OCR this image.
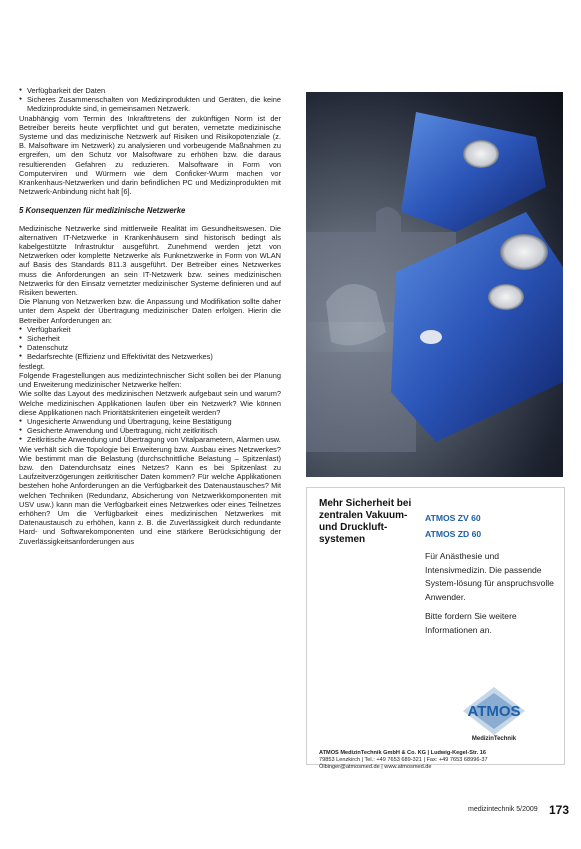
● Verfügbarkeit der Daten
● Sicheres Zusammenschalten von Medizinprodukten und Geräten, die keine Medizinprodukte sind, in gemeinsamen Netzwerk.

Unabhängig vom Termin des Inkrafttretens der zukünftigen Norm ist der Betreiber bereits heute verpflichtet und gut beraten, vernetzte medizinische Systeme und das medizinische Netzwerk auf Risiken und Risikopotenziale (z. B. Malsoftware im Netzwerk) zu analysieren und vorbeugende Maßnahmen zu ergreifen, um den Schutz vor Malsoftware zu erhöhen bzw. die daraus resultierenden Gefahren zu reduzieren. Malsoftware in Form von Computerviren und Würmern wie dem Conficker-Wurm machen vor Krankenhaus-Netzwerken und darin befindlichen PC und Medizinprodukten mit Netzwerk-Anbindung nicht halt [6].

5 Konsequenzen für medizinische Netzwerke

Medizinische Netzwerke sind mittlerweile Realität im Gesundheitswesen. Die alternativen IT-Netzwerke in Krankenhäusern sind historisch bedingt als kabelgestützte Infrastruktur ausgeführt. Zunehmend werden jetzt von Netzwerken oder komplette Netzwerke als Funknetzwerke in Form von WLAN auf Basis des Standards 811.3 ausgeführt. Der Betreiber eines Netzwerkes muss die Anforderungen an sein IT-Netzwerk bzw. seines medizinischen Netzwerks für den Einsatz vernetzter medizinischer Systeme definieren und auf Risiken bewerten.

Die Planung von Netzwerken bzw. die Anpassung und Modifikation sollte daher unter dem Aspekt der Übertragung medizinischer Daten erfolgen. Hierin die Betreiber Anforderungen an:

● Verfügbarkeit
● Sicherheit
● Datenschutz
● Bedarfsrechte (Effizienz und Effektivität des Netzwerkes)

festlegt.

Folgende Fragestellungen aus medizintechnischer Sicht sollen bei der Planung und Erweiterung medizinischer Netzwerke helfen:

Wie sollte das Layout des medizinischen Netzwerk aufgebaut sein und warum? Welche medizinischen Applikationen laufen über ein Netzwerk? Wie können diese Applikationen nach Prioritätskriterien eingeteilt werden?

● Ungesicherte Anwendung und Übertragung, keine Bestätigung
● Gesicherte Anwendung und Übertragung, nicht zeitkritisch
● Zeitkritische Anwendung und Übertragung von Vitalparametern, Alarmen usw.

Wie verhält sich die Topologie bei Erweiterung bzw. Ausbau eines Netzwerkes? Wie bestimmt man die Belastung (durchschnittliche Belastung – Spitzenlast) bzw. den Datendurchsatz eines Netzes? Kann es bei Spitzenlast zu Laufzeitverzögerungen zeitkritischer Daten kommen? Für welche Applikationen bestehen hohe Anforderungen an die Verfügbarkeit des Datenaustausches? Mit welchen Techniken (Redundanz, Absicherung von Netzwerkkomponenten mit USV usw.) kann man die Verfügbarkeit eines Netzwerkes oder eines Teilnetzes erhöhen? Um die Verfügbarkeit eines medizinischen Netzwerkes mit Datenaustausch zu erhöhen, kann z. B. die Zuverlässigkeit durch redundante Hard- und Softwarekomponenten und eine stärkere Berücksichtigung der Zuverlässigkeitsanforderungen aus

Mehr Sicherheit bei zentralen Vakuum- und Druckluft-systemen
ATMOS ZV 60
ATMOS ZD 60

Für Anästhesie und Intensivmedizin. Die passende System-lösung für anspruchsvolle Anwender.

Bitte fordern Sie weitere Informationen an.

ATMOS
MedizinTechnik
ATMOS MedizinTechnik GmbH & Co. KG | Ludwig-Kegel-Str. 16
79853 Lenzkirch | Tel.: +49 7653 689-321 | Fax: +49 7653 68996-37
Ölbinger@atmosmed.de | www.atmosmed.de
medizintechnik 5/2009 173
